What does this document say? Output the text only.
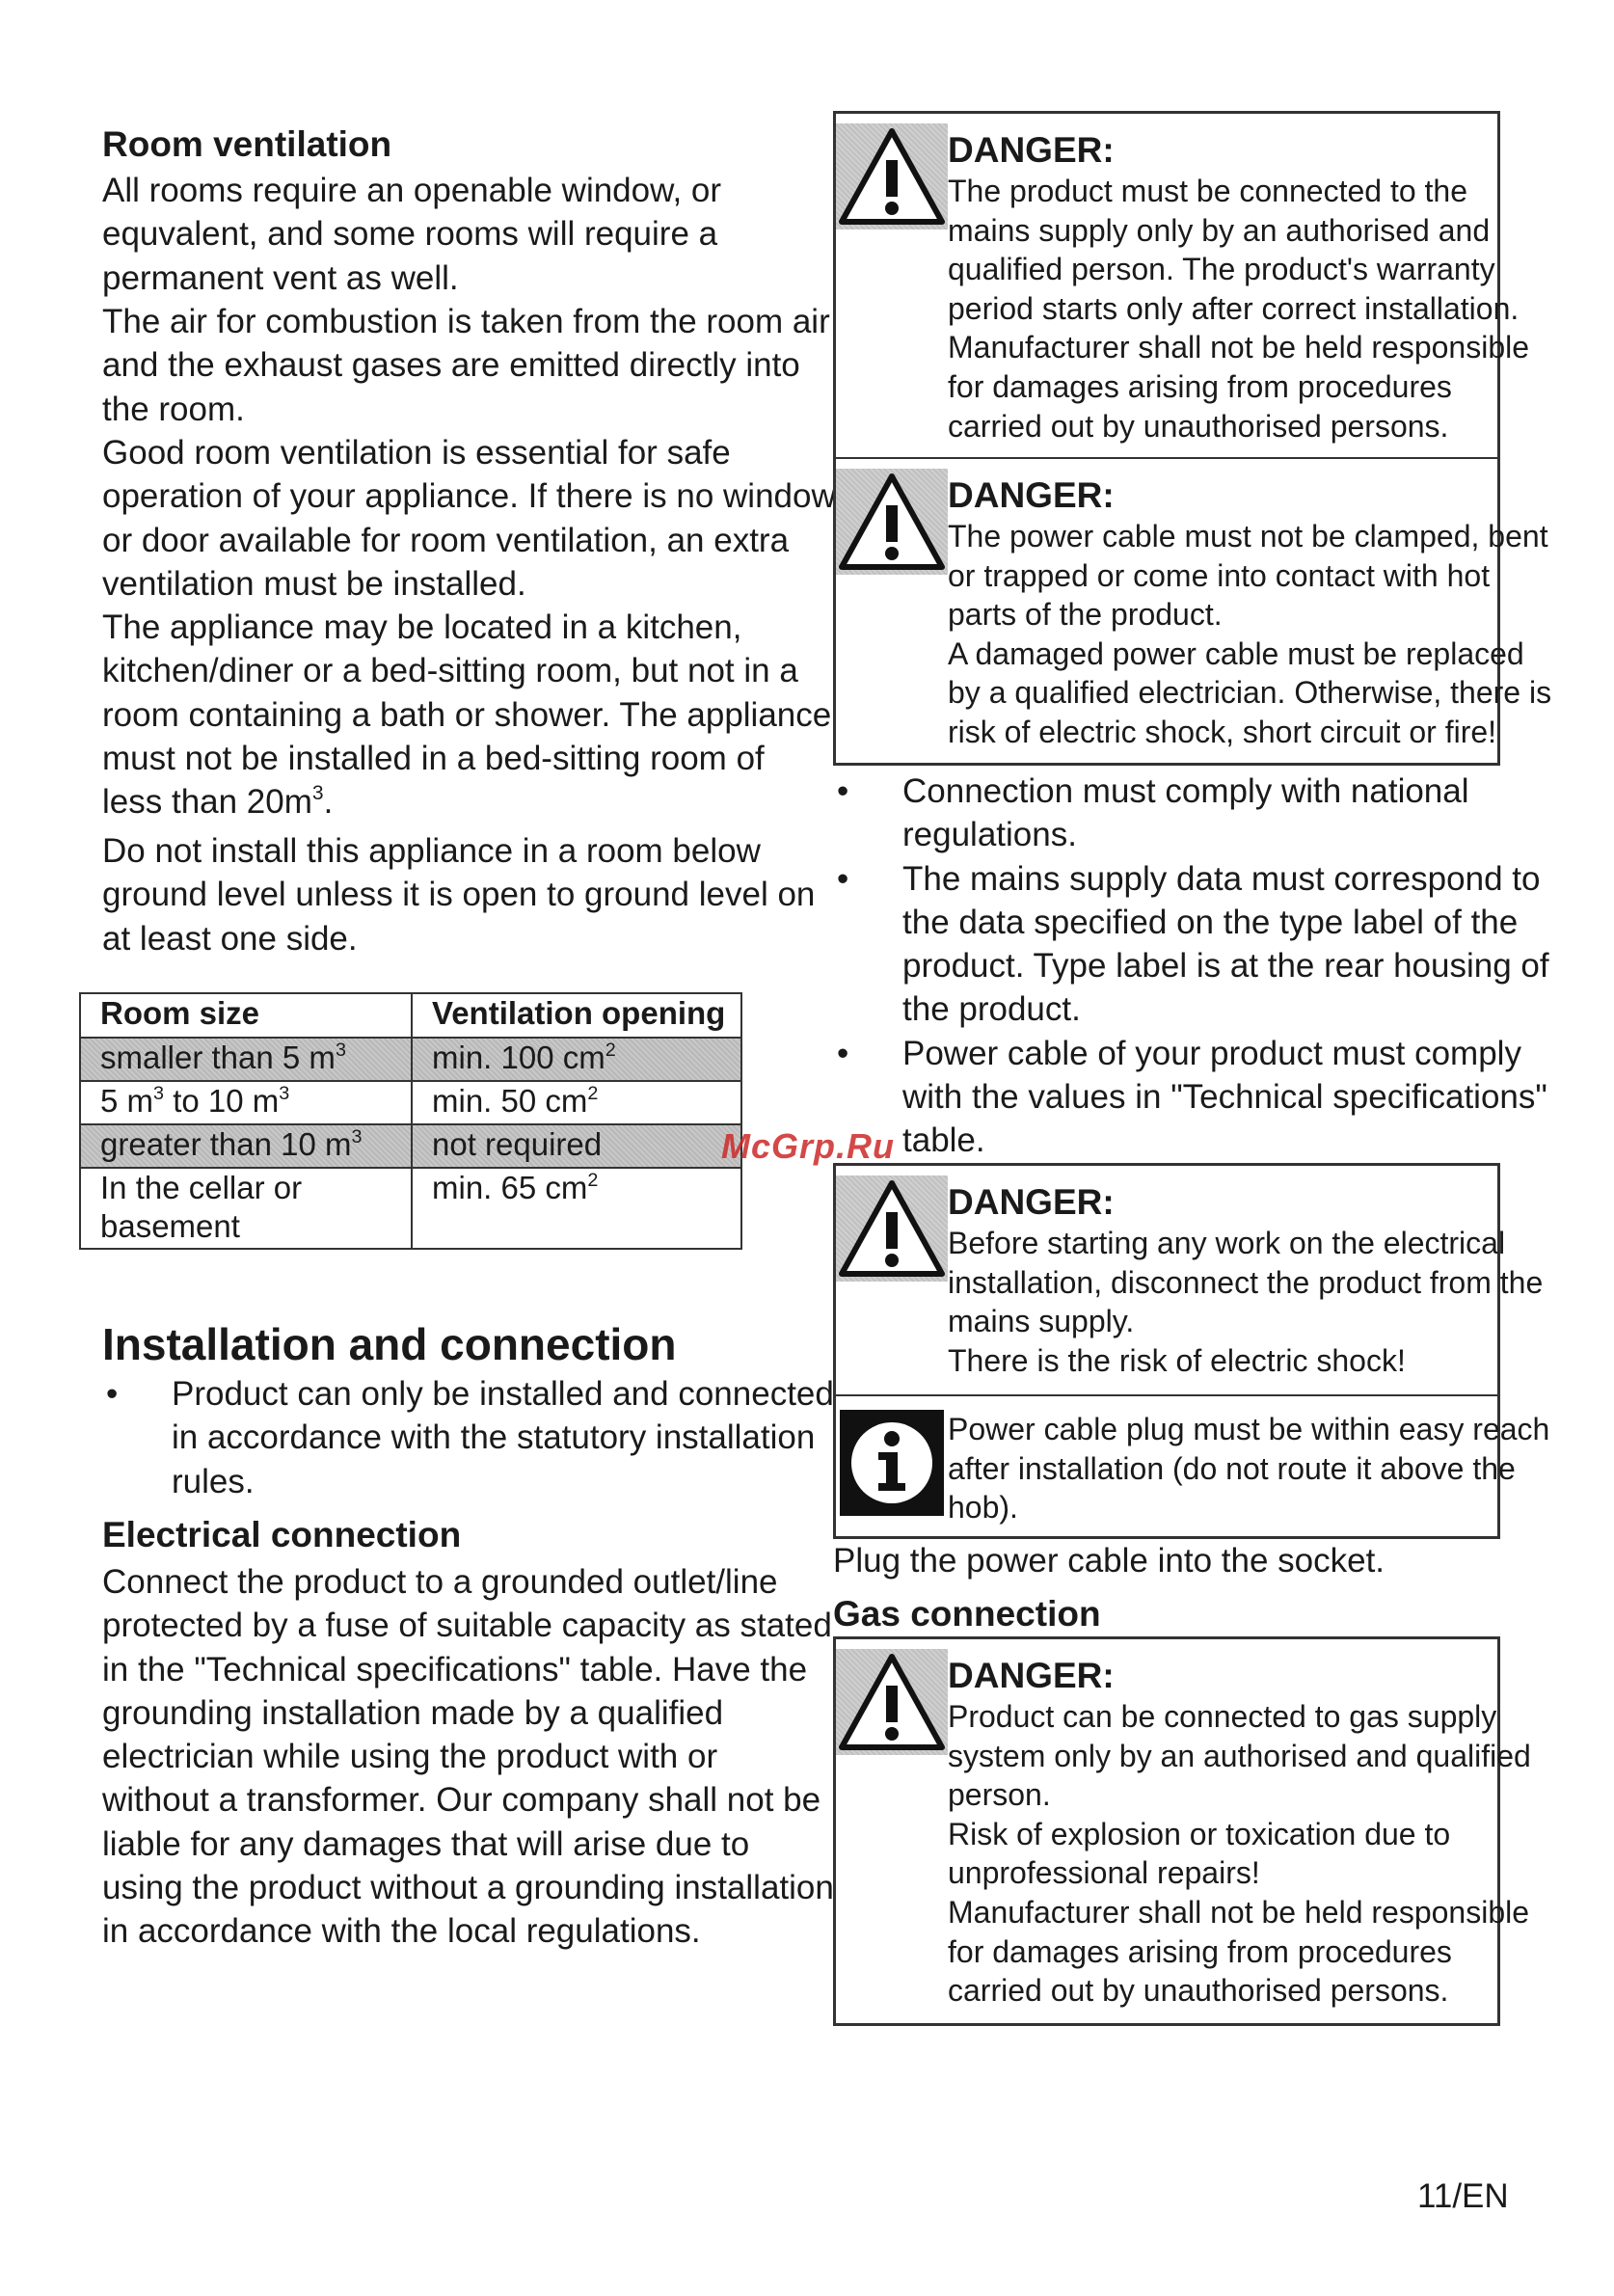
Room ventilation
All rooms require an openable window, or
equvalent, and some rooms will require a
permanent vent as well.
The air for combustion is taken from the room air
and the exhaust gases are emitted directly into
the room.
Good room ventilation is essential for safe
operation of your appliance. If there is no window
or door available for room ventilation, an extra
ventilation must be installed.
The appliance may be located in a kitchen,
kitchen/diner or a bed-sitting room, but not in a
room containing a bath or shower. The appliance
must not be installed in a bed-sitting room of
less than $20m^3$.
Do not install this appliance in a room below
ground level unless it is open to ground level on
at least one side.
Room size	Ventilation opening
smaller than 5 $m^3$	min. 100 $cm^2$
5 $m^3$ to 10 $m^3$	min. 50 $cm^2$
greater than 10 $m^3$	not required

In the cellar or
basement	min. 65 $cm^2$
Installation and connection
• Product can only be installed and connected
in accordance with the statutory installation
rules.
Electrical connection
Connect the product to a grounded outlet/line
protected by a fuse of suitable capacity as stated
in the "Technical specifications" table. Have the
grounding installation made by a qualified
electrician while using the product with or
without a transformer. Our company shall not be
liable for any damages that will arise due to
using the product without a grounding installation
in accordance with the local regulations.
DANGER:
The product must be connected to the
mains supply only by an authorised and
qualified person. The product's warranty
period starts only after correct installation.
Manufacturer shall not be held responsible
for damages arising from procedures
carried out by unauthorised persons.
DANGER:
The power cable must not be clamped, bent
or trapped or come into contact with hot
parts of the product.
A damaged power cable must be replaced
by a qualified electrician. Otherwise, there is
risk of electric shock, short circuit or fire!
• Connection must comply with national
regulations.
• The mains supply data must correspond to
the data specified on the type label of the
product. Type label is at the rear housing of
the product.
• Power cable of your product must comply
with the values in "Technical specifications"
table.
DANGER:
Before starting any work on the electrical
installation, disconnect the product from the
mains supply.
There is the risk of electric shock!
Power cable plug must be within easy reach
after installation (do not route it above the
hob).
Plug the power cable into the socket.
Gas connection
DANGER:
Product can be connected to gas supply
system only by an authorised and qualified
person.
Risk of explosion or toxication due to
unprofessional repairs!
Manufacturer shall not be held responsible
for damages arising from procedures
carried out by unauthorised persons.
McGrp.Ru
11/EN
